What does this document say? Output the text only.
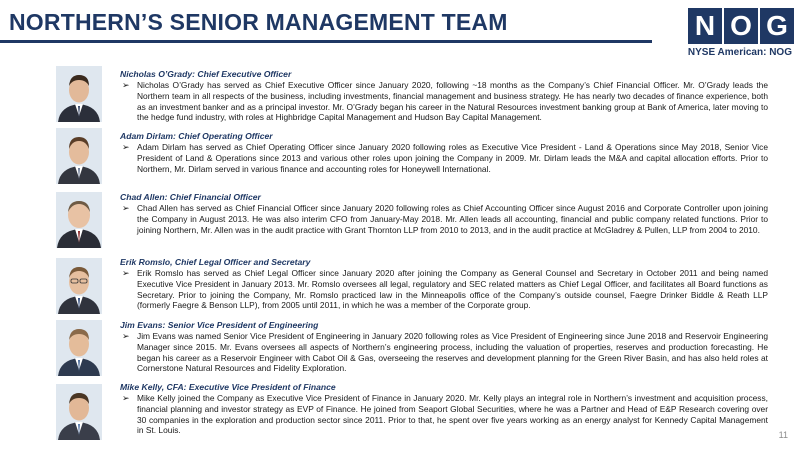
NORTHERN’S SENIOR MANAGEMENT TEAM	N O G
NYSE American: NOG
Nicholas O’Grady: Chief Executive Officer
➢ Nicholas O’Grady has served as Chief Executive Officer since January 2020, following ~18 months as the Company’s Chief Financial Officer. Mr. O’Grady leads the Northern team in all respects of the business, including investments, financial management and business strategy. He has nearly two decades of finance experience, both as an investment banker and as a principal investor. Mr. O’Grady began his career in the Natural Resources investment banking group at Bank of America, later moving to the hedge fund industry, with roles at Highbridge Capital Management and Hudson Bay Capital Management.
Adam Dirlam: Chief Operating Officer
➢ Adam Dirlam has served as Chief Operating Officer since January 2020 following roles as Executive Vice President - Land & Operations since May 2018, Senior Vice President of Land & Operations since 2013 and various other roles upon joining the Company in 2009. Mr. Dirlam leads the M&A and capital allocation efforts. Prior to Northern, Mr. Dirlam served in various finance and accounting roles for Honeywell International.
Chad Allen: Chief Financial Officer
➢ Chad Allen has served as Chief Financial Officer since January 2020 following roles as Chief Accounting Officer since August 2016 and Corporate Controller upon joining the Company in August 2013. He was also interim CFO from January-May 2018. Mr. Allen leads all accounting, financial and public company related functions. Prior to joining Northern, Mr. Allen was in the audit practice with Grant Thornton LLP from 2010 to 2013, and in the audit practice at McGladrey & Pullen, LLP from 2004 to 2010.
Erik Romslo, Chief Legal Officer and Secretary
➢ Erik Romslo has served as Chief Legal Officer since January 2020 after joining the Company as General Counsel and Secretary in October 2011 and being named Executive Vice President in January 2013. Mr. Romslo oversees all legal, regulatory and SEC related matters as Chief Legal Officer, and facilitates all Board functions as Secretary. Prior to joining the Company, Mr. Romslo practiced law in the Minneapolis office of the Company’s outside counsel, Faegre Drinker Biddle & Reath LLP (formerly Faegre & Benson LLP), from 2005 until 2011, in which he was a member of the Corporate group.
Jim Evans: Senior Vice President of Engineering
➢ Jim Evans was named Senior Vice President of Engineering in January 2020 following roles as Vice President of Engineering since June 2018 and Reservoir Engineering Manager since 2015. Mr. Evans oversees all aspects of Northern’s engineering process, including the valuation of properties, reserves and production forecasting. He began his career as a Reservoir Engineer with Cabot Oil & Gas, overseeing the reserves and development planning for the Green River Basin, and has also held roles at Cornerstone Natural Resources and Fidelity Exploration.
Mike Kelly, CFA: Executive Vice President of Finance
➢ Mike Kelly joined the Company as Executive Vice President of Finance in January 2020. Mr. Kelly plays an integral role in Northern’s investment and acquisition process, financial planning and investor strategy as EVP of Finance. He joined from Seaport Global Securities, where he was a Partner and Head of E&P Research covering over 30 companies in the exploration and production sector since 2011. Prior to that, he spent over five years working as an energy analyst for Kennedy Capital Management in St. Louis.	11
